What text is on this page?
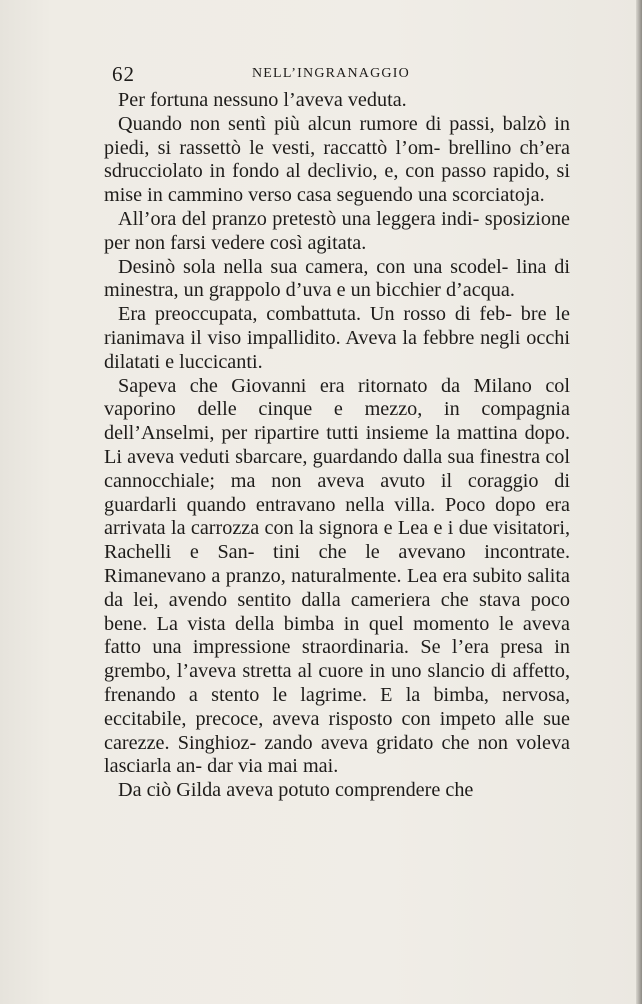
62	NELL’INGRANAGGIO

Per fortuna nessuno l’aveva veduta.

Quando non sentì più alcun rumore di passi, balzò in piedi, si rassettò le vesti, raccattò l’om- brellino ch’era sdrucciolato in fondo al declivio, e, con passo rapido, si mise in cammino verso casa seguendo una scorciatoja.

All’ora del pranzo pretestò una leggera indi- sposizione per non farsi vedere così agitata.

Desinò sola nella sua camera, con una scodel- lina di minestra, un grappolo d’uva e un bicchier d’acqua.

Era preoccupata, combattuta. Un rosso di feb- bre le rianimava il viso impallidito. Aveva la febbre negli occhi dilatati e luccicanti.

Sapeva che Giovanni era ritornato da Milano col vaporino delle cinque e mezzo, in compagnia dell’Anselmi, per ripartire tutti insieme la mattina dopo. Li aveva veduti sbarcare, guardando dalla sua finestra col cannocchiale; ma non aveva avuto il coraggio di guardarli quando entravano nella villa. Poco dopo era arrivata la carrozza con la signora e Lea e i due visitatori, Rachelli e San- tini che le avevano incontrate. Rimanevano a pranzo, naturalmente. Lea era subito salita da lei, avendo sentito dalla cameriera che stava poco bene. La vista della bimba in quel momento le aveva fatto una impressione straordinaria. Se l’era presa in grembo, l’aveva stretta al cuore in uno slancio di affetto, frenando a stento le lagrime. E la bimba, nervosa, eccitabile, precoce, aveva risposto con impeto alle sue carezze. Singhioz- zando aveva gridato che non voleva lasciarla an- dar via mai mai.

Da ciò Gilda aveva potuto comprendere che
